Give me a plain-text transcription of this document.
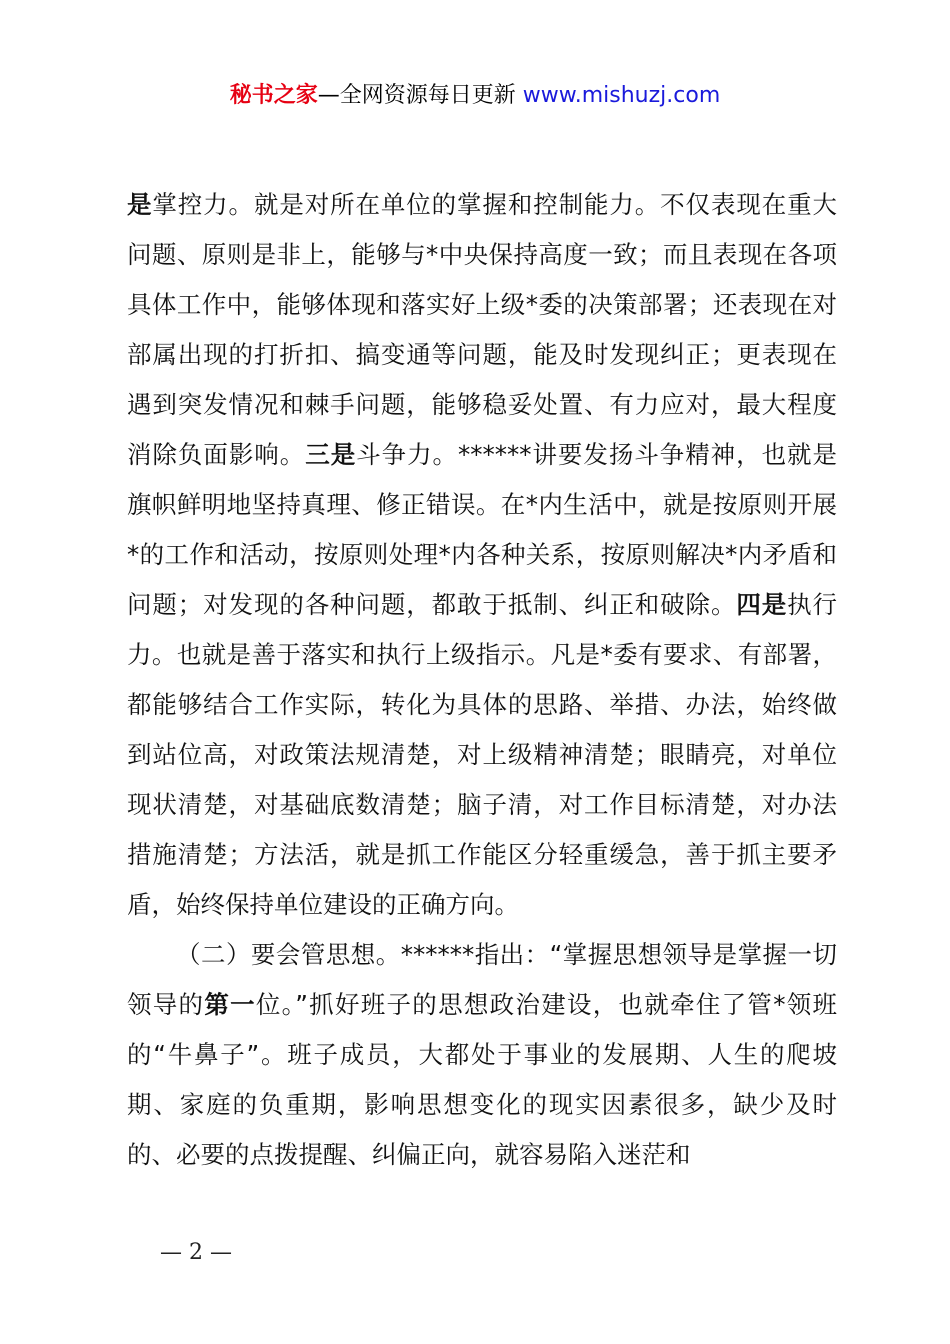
秘书之家—全网资源每日更新 www.mishuzj.com

是掌控力。就是对所在单位的掌握和控制能力。不仅表现在重大问题、原则是非上，能够与*中央保持高度一致；而且表现在各项具体工作中，能够体现和落实好上级*委的决策部署；还表现在对部属出现的打折扣、搞变通等问题，能及时发现纠正；更表现在遇到突发情况和棘手问题，能够稳妥处置、有力应对，最大程度消除负面影响。三是斗争力。******讲要发扬斗争精神，也就是旗帜鲜明地坚持真理、修正错误。在*内生活中，就是按原则开展*的工作和活动，按原则处理*内各种关系，按原则解决*内矛盾和问题；对发现的各种问题，都敢于抵制、纠正和破除。四是执行力。也就是善于落实和执行上级指示。凡是*委有要求、有部署，都能够结合工作实际，转化为具体的思路、举措、办法，始终做到站位高，对政策法规清楚，对上级精神清楚；眼睛亮，对单位现状清楚，对基础底数清楚；脑子清，对工作目标清楚，对办法措施清楚；方法活，就是抓工作能区分轻重缓急，善于抓主要矛盾，始终保持单位建设的正确方向。

（二）要会管思想。******指出：“掌握思想领导是掌握一切领导的第一位。”抓好班子的思想政治建设，也就牵住了管*领班的“牛鼻子”。班子成员，大都处于事业的发展期、人生的爬坡期、家庭的负重期，影响思想变化的现实因素很多，缺少及时的、必要的点拨提醒、纠偏正向，就容易陷入迷茫和

— 2 —
